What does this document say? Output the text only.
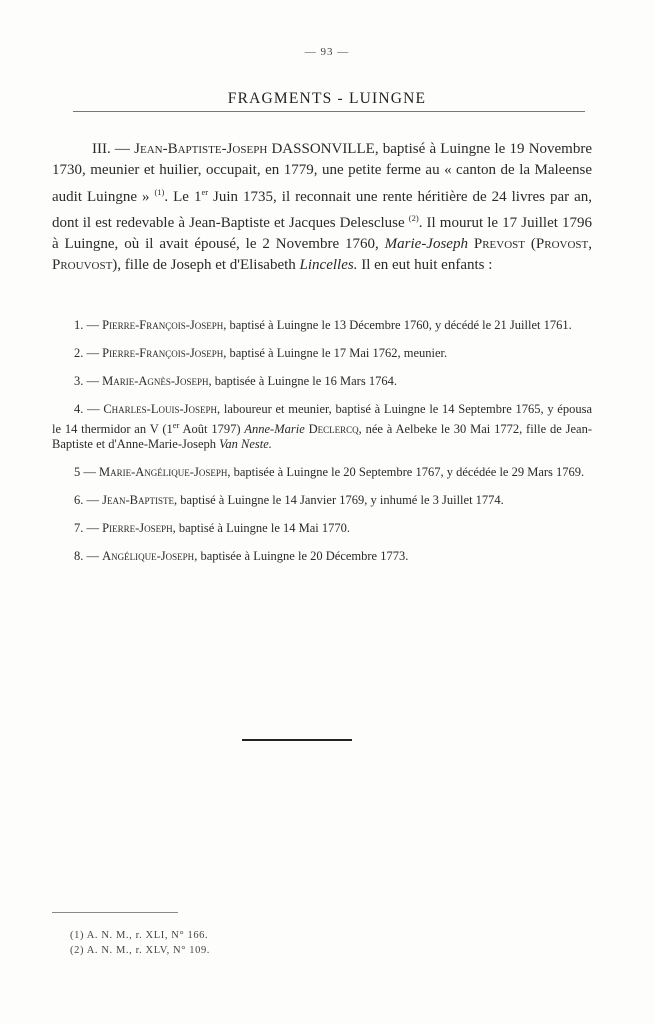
— 93 —
FRAGMENTS - LUINGNE

III. — Jean-Baptiste-Joseph DASSONVILLE, baptisé à Luingne le 19 Novembre 1730, meunier et huilier, occupait, en 1779, une petite ferme au « canton de la Maleense audit Luingne » $^{(1)}$. Le 1er Juin 1735, il reconnait une rente héritière de 24 livres par an, dont il est redevable à Jean-Baptiste et Jacques Delescluse $^{(2)}$. Il mourut le 17 Juillet 1796 à Luingne, où il avait épousé, le 2 Novembre 1760, Marie-Joseph Prevost (Provost, Prouvost), fille de Joseph et d'Elisabeth Lincelles. Il en eut huit enfants :

1. — Pierre-François-Joseph, baptisé à Luingne le 13 Décembre 1760, y décédé le 21 Juillet 1761.

2. — Pierre-François-Joseph, baptisé à Luingne le 17 Mai 1762, meunier.

3. — Marie-Agnès-Joseph, baptisée à Luingne le 16 Mars 1764.

4. — Charles-Louis-Joseph, laboureur et meunier, baptisé à Luingne le 14 Septembre 1765, y épousa le 14 thermidor an V (1er Août 1797) Anne-Marie Declercq, née à Aelbeke le 30 Mai 1772, fille de Jean-Baptiste et d'Anne-Marie-Joseph Van Neste.

5 — Marie-Angélique-Joseph, baptisée à Luingne le 20 Septembre 1767, y décédée le 29 Mars 1769.

6. — Jean-Baptiste, baptisé à Luingne le 14 Janvier 1769, y inhumé le 3 Juillet 1774.

7. — Pierre-Joseph, baptisé à Luingne le 14 Mai 1770.

8. — Angélique-Joseph, baptisée à Luingne le 20 Décembre 1773.

(1) A. N. M., r. XLI, N° 166.

(2) A. N. M., r. XLV, N° 109.
